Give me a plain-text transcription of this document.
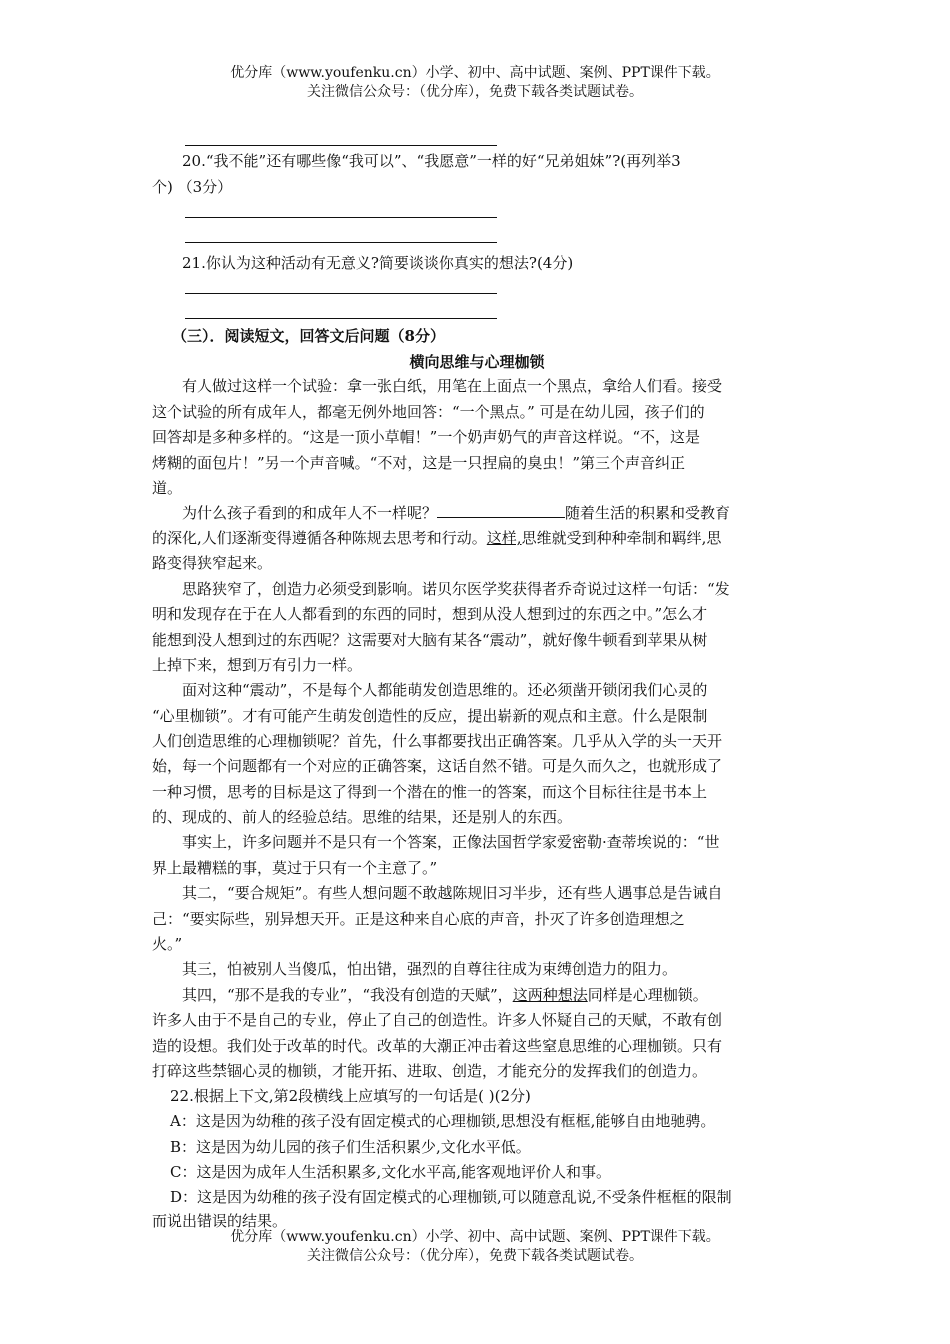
优分库（www.youfenku.cn）小学、初中、高中试题、案例、PPT课件下载。
关注微信公众号：（优分库），免费下载各类试题试卷。
20.“我不能”还有哪些像“我可以”、“我愿意”一样的好“兄弟姐妹”?(再列举3
个) （3分）
21.你认为这种活动有无意义?简要谈谈你真实的想法?(4分)
（三）．阅读短文，回答文后问题（8分）
横向思维与心理枷锁
有人做过这样一个试验：拿一张白纸，用笔在上面点一个黑点，拿给人们看。接受
这个试验的所有成年人，都毫无例外地回答：“一个黑点。” 可是在幼儿园，孩子们的
回答却是多种多样的。“这是一顶小草帽！”一个奶声奶气的声音这样说。“不，这是
烤糊的面包片！”另一个声音喊。“不对，这是一只捏扁的臭虫！”第三个声音纠正
道。
为什么孩子看到的和成年人不一样呢？	随着生活的积累和受教育
的深化,人们逐渐变得遵循各种陈规去思考和行动。这样,思维就受到种种牵制和羁绊,思
路变得狭窄起来。
思路狭窄了，创造力必须受到影响。诺贝尔医学奖获得者乔奇说过这样一句话：“发
明和发现存在于在人人都看到的东西的同时，想到从没人想到过的东西之中。”怎么才
能想到没人想到过的东西呢？这需要对大脑有某各“震动”，就好像牛顿看到苹果从树
上掉下来，想到万有引力一样。
面对这种“震动”，不是每个人都能萌发创造思维的。还必须凿开锁闭我们心灵的
“心里枷锁”。才有可能产生萌发创造性的反应，提出崭新的观点和主意。什么是限制
人们创造思维的心理枷锁呢？首先，什么事都要找出正确答案。几乎从入学的头一天开
始，每一个问题都有一个对应的正确答案，这话自然不错。可是久而久之，也就形成了
一种习惯，思考的目标是这了得到一个潜在的惟一的答案，而这个目标往往是书本上
的、现成的、前人的经验总结。思维的结果，还是别人的东西。
事实上，许多问题并不是只有一个答案，正像法国哲学家爱密勒·查蒂埃说的：“世
界上最糟糕的事，莫过于只有一个主意了。”
其二，“要合规矩”。有些人想问题不敢越陈规旧习半步，还有些人遇事总是告诫自
己：“要实际些，别异想天开。正是这种来自心底的声音，扑灭了许多创造理想之
火。”
其三，怕被别人当傻瓜，怕出错，强烈的自尊往往成为束缚创造力的阻力。
其四，“那不是我的专业”，“我没有创造的天赋”，这两种想法同样是心理枷锁。
许多人由于不是自己的专业，停止了自己的创造性。许多人怀疑自己的天赋，不敢有创
造的设想。我们处于改革的时代。改革的大潮正冲击着这些窒息思维的心理枷锁。只有
打碎这些禁锢心灵的枷锁，才能开拓、进取、创造，才能充分的发挥我们的创造力。
22.根据上下文,第2段横线上应填写的一句话是( )(2分)
A：这是因为幼稚的孩子没有固定模式的心理枷锁,思想没有框框,能够自由地驰骋。
B：这是因为幼儿园的孩子们生活积累少,文化水平低。
C：这是因为成年人生活积累多,文化水平高,能客观地评价人和事。
D：这是因为幼稚的孩子没有固定模式的心理枷锁,可以随意乱说,不受条件框框的限制
而说出错误的结果。
优分库（www.youfenku.cn）小学、初中、高中试题、案例、PPT课件下载。
关注微信公众号：（优分库），免费下载各类试题试卷。
